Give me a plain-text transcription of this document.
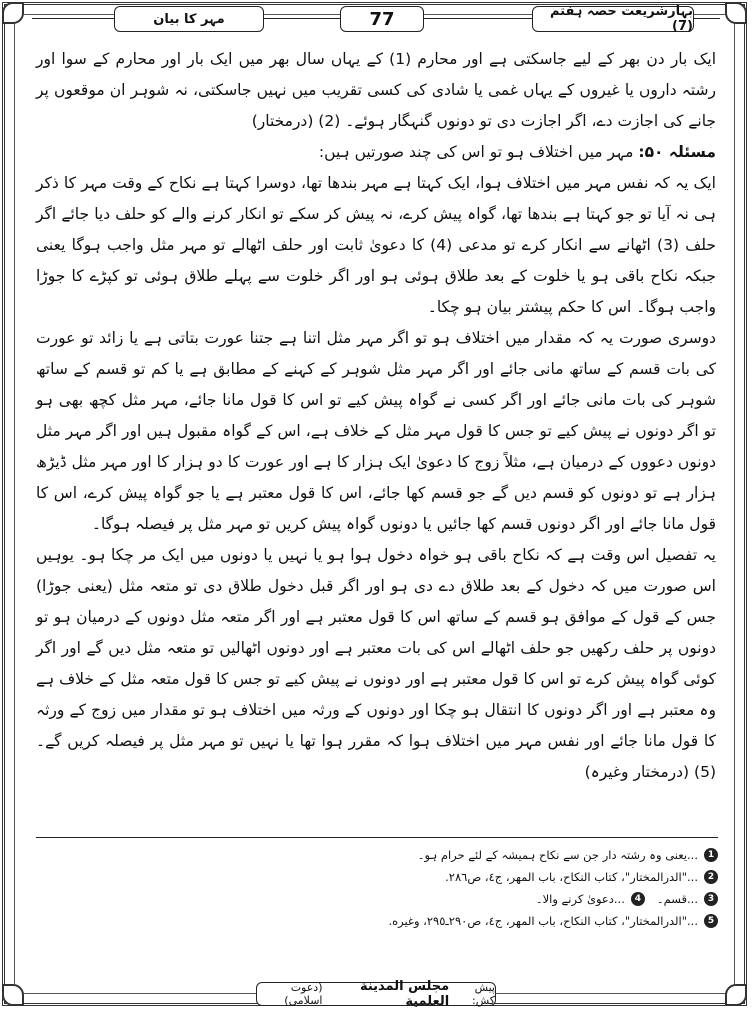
مہر کا بیان	77	بہارشریعت حصہ ہفتم (7)

ایک بار دن بھر کے لیے جاسکتی ہے اور محارم (1) کے یہاں سال بھر میں ایک بار اور محارم کے سوا اور رشتہ داروں یا غیروں کے یہاں غمی یا شادی کی کسی تقریب میں نہیں جاسکتی، نہ شوہر ان موقعوں پر جانے کی اجازت دے، اگر اجازت دی تو دونوں گنہگار ہوئے۔ (2) (درمختار)

مسئلہ ۵۰: مہر میں اختلاف ہو تو اس کی چند صورتیں ہیں:

ایک یہ کہ نفس مہر میں اختلاف ہوا، ایک کہتا ہے مہر بندھا تھا، دوسرا کہتا ہے نکاح کے وقت مہر کا ذکر ہی نہ آیا تو جو کہتا ہے بندھا تھا، گواہ پیش کرے، نہ پیش کر سکے تو انکار کرنے والے کو حلف دیا جائے اگر حلف (3) اٹھانے سے انکار کرے تو مدعی (4) کا دعویٰ ثابت اور حلف اٹھالے تو مہر مثل واجب ہوگا یعنی جبکہ نکاح باقی ہو یا خلوت کے بعد طلاق ہوئی ہو اور اگر خلوت سے پہلے طلاق ہوئی تو کپڑے کا جوڑا واجب ہوگا۔ اس کا حکم پیشتر بیان ہو چکا۔

دوسری صورت یہ کہ مقدار میں اختلاف ہو تو اگر مہر مثل اتنا ہے جتنا عورت بتاتی ہے یا زائد تو عورت کی بات قسم کے ساتھ مانی جائے اور اگر مہر مثل شوہر کے کہنے کے مطابق ہے یا کم تو قسم کے ساتھ شوہر کی بات مانی جائے اور اگر کسی نے گواہ پیش کیے تو اس کا قول مانا جائے، مہر مثل کچھ بھی ہو تو اگر دونوں نے پیش کیے تو جس کا قول مہر مثل کے خلاف ہے، اس کے گواہ مقبول ہیں اور اگر مہر مثل دونوں دعووں کے درمیان ہے، مثلاً زوج کا دعویٰ ایک ہزار کا ہے اور عورت کا دو ہزار کا اور مہر مثل ڈیڑھ ہزار ہے تو دونوں کو قسم دیں گے جو قسم کھا جائے، اس کا قول معتبر ہے یا جو گواہ پیش کرے، اس کا قول مانا جائے اور اگر دونوں قسم کھا جائیں یا دونوں گواہ پیش کریں تو مہر مثل پر فیصلہ ہوگا۔

یہ تفصیل اس وقت ہے کہ نکاح باقی ہو خواہ دخول ہوا ہو یا نہیں یا دونوں میں ایک مر چکا ہو۔ یوہیں اس صورت میں کہ دخول کے بعد طلاق دے دی ہو اور اگر قبل دخول طلاق دی تو متعہ مثل (یعنی جوڑا) جس کے قول کے موافق ہو قسم کے ساتھ اس کا قول معتبر ہے اور اگر متعہ مثل دونوں کے درمیان ہو تو دونوں پر حلف رکھیں جو حلف اٹھالے اس کی بات معتبر ہے اور دونوں اٹھالیں تو متعہ مثل دیں گے اور اگر کوئی گواہ پیش کرے تو اس کا قول معتبر ہے اور دونوں نے پیش کیے تو جس کا قول متعہ مثل کے خلاف ہے وہ معتبر ہے اور اگر دونوں کا انتقال ہو چکا اور دونوں کے ورثہ میں اختلاف ہو تو مقدار میں زوج کے ورثہ کا قول مانا جائے اور نفس مہر میں اختلاف ہوا کہ مقرر ہوا تھا یا نہیں تو مہر مثل پر فیصلہ کریں گے۔ (5) (درمختار وغیرہ)

1
...یعنی وہ رشتہ دار جن سے نکاح ہمیشہ کے لئے حرام ہو۔
2
..."الدرالمختار"، كتاب النكاح، باب المهر، ج٤، ص٢٨٦.
3
...قسم۔
4
...دعویٰ کرنے والا۔
5
..."الدرالمختار"، كتاب النكاح، باب المهر، ج٤، ص٢٩٠ـ٢٩٥، وغيره.
پیش کش:
مجلس المدينة العلمية
(دعوت اسلامی)
